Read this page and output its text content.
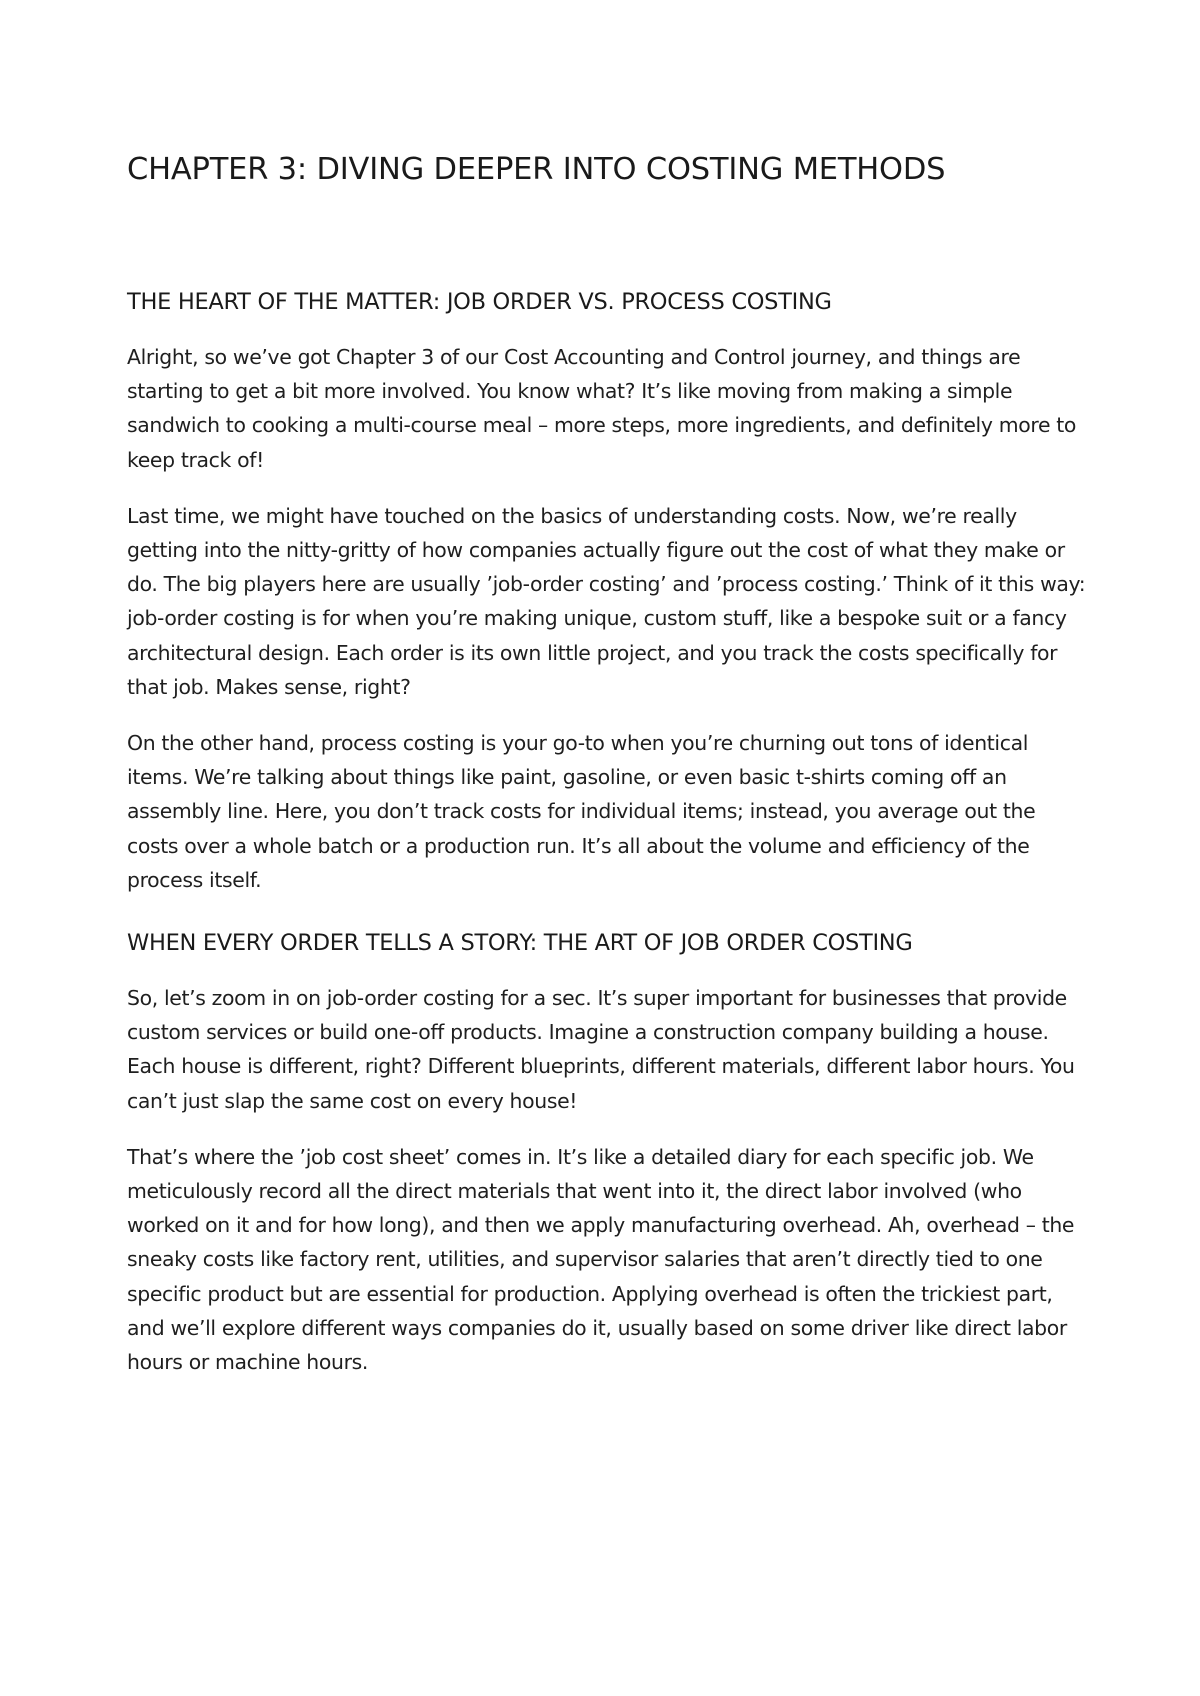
CHAPTER 3: DIVING DEEPER INTO COSTING METHODS
THE HEART OF THE MATTER: JOB ORDER VS. PROCESS COSTING

Alright, so we’ve got Chapter 3 of our Cost Accounting and Control journey, and things are starting to get a bit more involved. You know what? It’s like moving from making a simple sandwich to cooking a multi-course meal – more steps, more ingredients, and definitely more to keep track of!

Last time, we might have touched on the basics of understanding costs. Now, we’re really getting into the nitty-gritty of how companies actually figure out the cost of what they make or do. The big players here are usually ’job-order costing’ and ’process costing.’ Think of it this way: job-order costing is for when you’re making unique, custom stuff, like a bespoke suit or a fancy architectural design. Each order is its own little project, and you track the costs specifically for that job. Makes sense, right?

On the other hand, process costing is your go-to when you’re churning out tons of identical items. We’re talking about things like paint, gasoline, or even basic t-shirts coming off an assembly line. Here, you don’t track costs for individual items; instead, you average out the costs over a whole batch or a production run. It’s all about the volume and efficiency of the process itself.

WHEN EVERY ORDER TELLS A STORY: THE ART OF JOB ORDER COSTING

So, let’s zoom in on job-order costing for a sec. It’s super important for businesses that provide custom services or build one-off products. Imagine a construction company building a house. Each house is different, right? Different blueprints, different materials, different labor hours. You can’t just slap the same cost on every house!

That’s where the ’job cost sheet’ comes in. It’s like a detailed diary for each specific job. We meticulously record all the direct materials that went into it, the direct labor involved (who worked on it and for how long), and then we apply manufacturing overhead. Ah, overhead – the sneaky costs like factory rent, utilities, and supervisor salaries that aren’t directly tied to one specific product but are essential for production. Applying overhead is often the trickiest part, and we’ll explore different ways companies do it, usually based on some driver like direct labor hours or machine hours.
